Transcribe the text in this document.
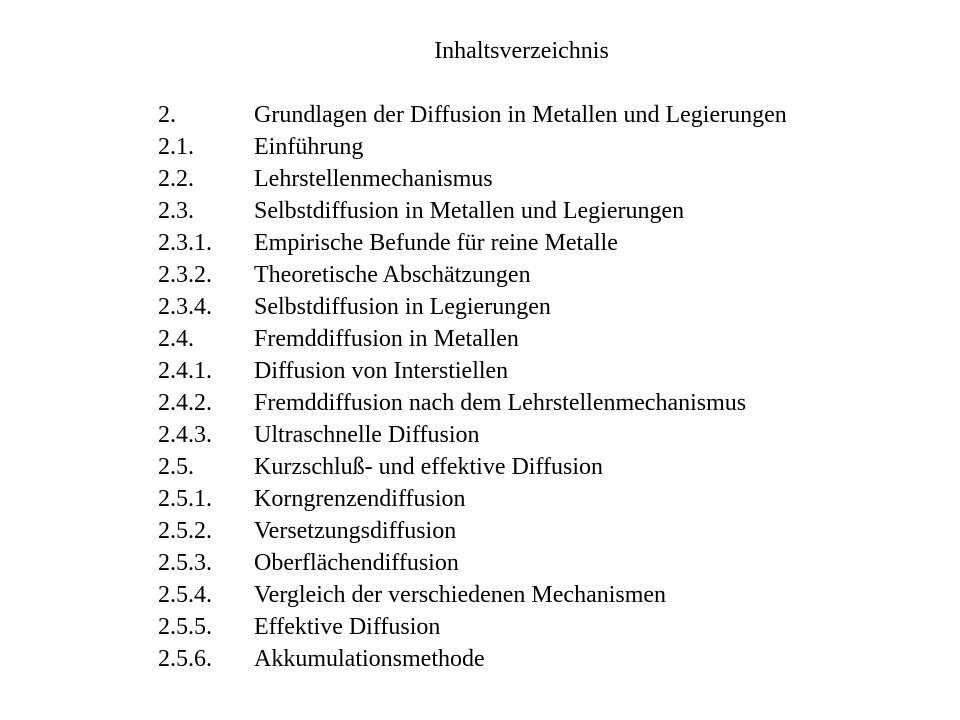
Inhaltsverzeichnis
2.	Grundlagen der Diffusion in Metallen und Legierungen
2.1.	Einführung
2.2.	Lehrstellenmechanismus
2.3.	Selbstdiffusion in Metallen und Legierungen
2.3.1. Empirische Befunde für reine Metalle
2.3.2. Theoretische Abschätzungen
2.3.4. Selbstdiffusion in Legierungen
2.4.	Fremddiffusion in Metallen
2.4.1. Diffusion von Interstiellen
2.4.2. Fremddiffusion nach dem Lehrstellenmechanismus
2.4.3. Ultraschnelle Diffusion
2.5.	Kurzschluß- und effektive Diffusion
2.5.1. Korngrenzendiffusion
2.5.2. Versetzungsdiffusion
2.5.3. Oberflächendiffusion
2.5.4. Vergleich der verschiedenen Mechanismen
2.5.5. Effektive Diffusion
2.5.6. Akkumulationsmethode
